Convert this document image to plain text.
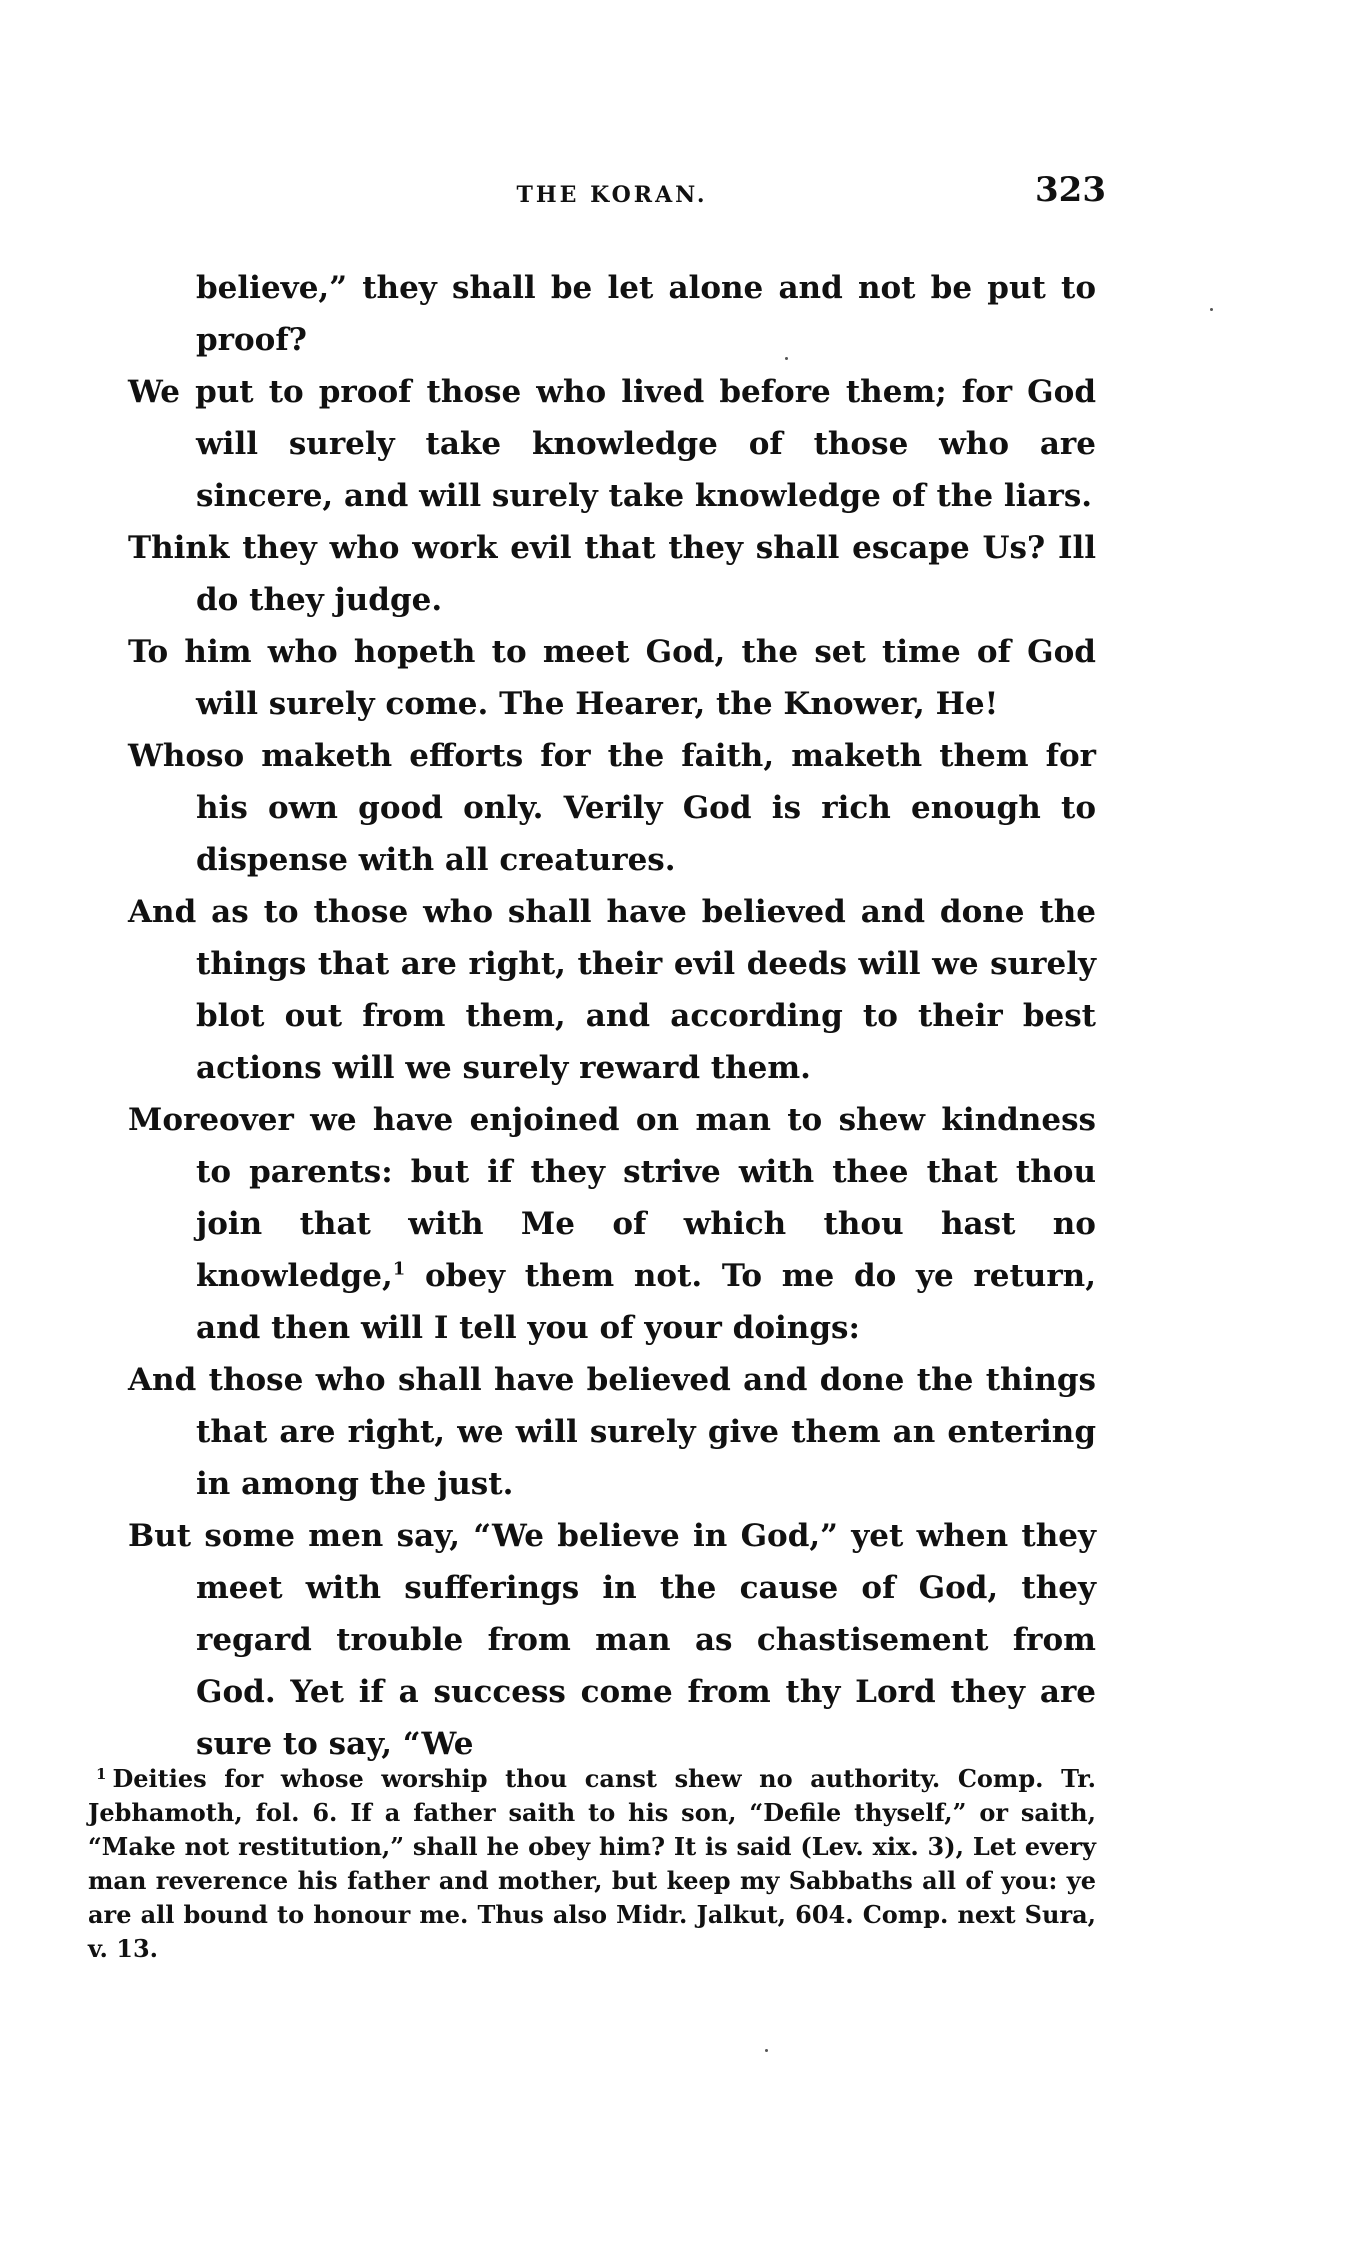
THE KORAN.	323

believe,” they shall be let alone and not be put to proof?

We put to proof those who lived before them; for God will surely take knowledge of those who are sincere, and will surely take knowledge of the liars.

Think they who work evil that they shall escape Us? Ill do they judge.

To him who hopeth to meet God, the set time of God will surely come. The Hearer, the Knower, He!

Whoso maketh efforts for the faith, maketh them for his own good only. Verily God is rich enough to dispense with all creatures.

And as to those who shall have believed and done the things that are right, their evil deeds will we surely blot out from them, and according to their best actions will we surely reward them.

Moreover we have enjoined on man to shew kindness to parents: but if they strive with thee that thou join that with Me of which thou hast no knowledge,$^1$ obey them not. To me do ye return, and then will I tell you of your doings:

And those who shall have believed and done the things that are right, we will surely give them an entering in among the just.

But some men say, “We believe in God,” yet when they meet with sufferings in the cause of God, they regard trouble from man as chastisement from God. Yet if a success come from thy Lord they are sure to say, “We

$^1$ Deities for whose worship thou canst shew no authority. Comp. Tr. Jebhamoth, fol. 6. If a father saith to his son, “Defile thyself,” or saith, “Make not restitution,” shall he obey him? It is said (Lev. xix. 3), Let every man reverence his father and mother, but keep my Sabbaths all of you: ye are all bound to honour me. Thus also Midr. Jalkut, 604. Comp. next Sura, v. 13.
